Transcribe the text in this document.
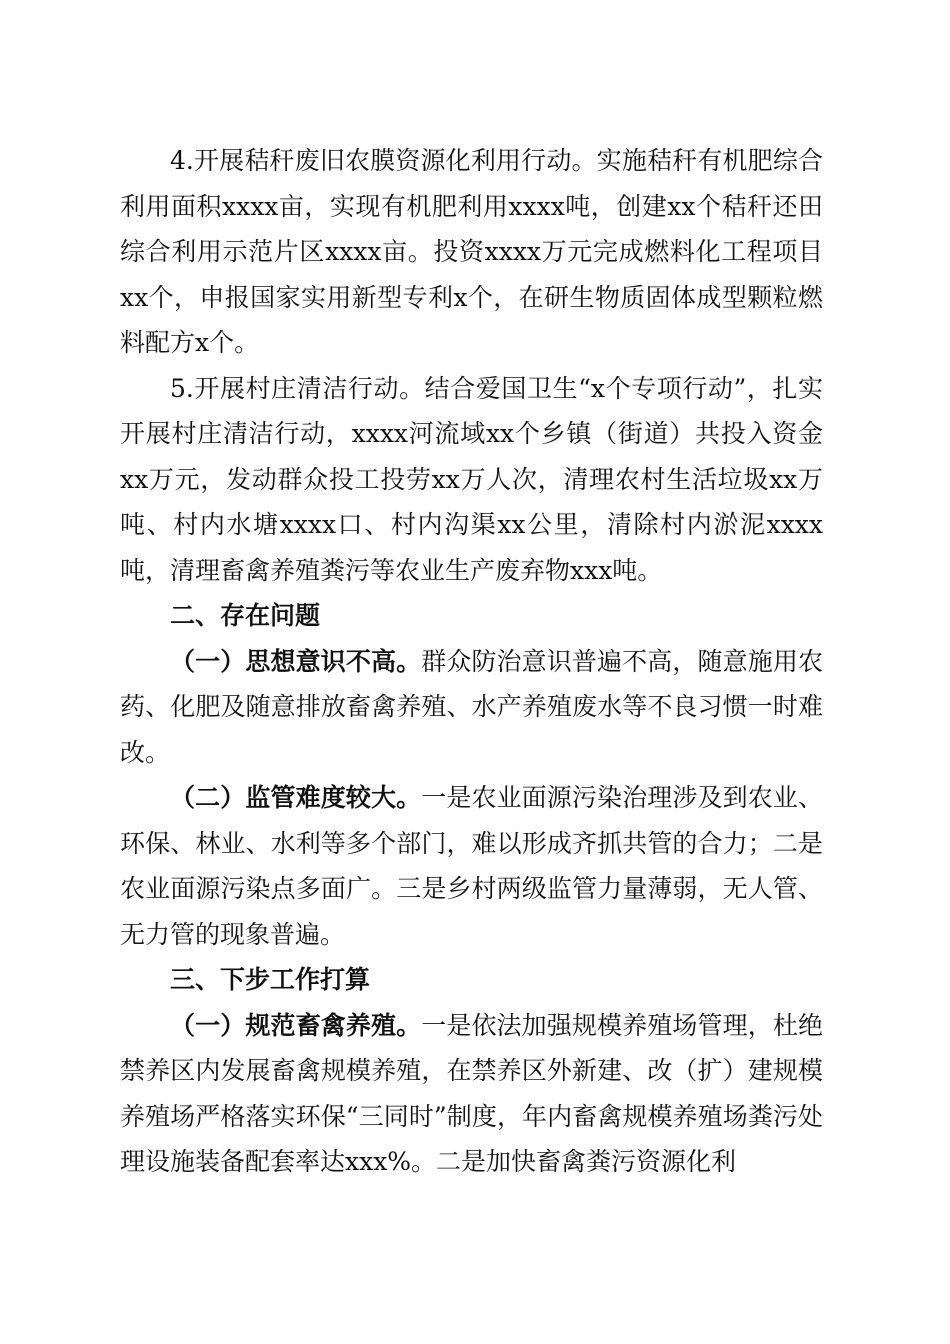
4.开展秸秆废旧农膜资源化利用行动。实施秸秆有机肥综合利用面积xxxx亩，实现有机肥利用xxxx吨，创建xx个秸秆还田综合利用示范片区xxxx亩。投资xxxx万元完成燃料化工程项目xx个，申报国家实用新型专利x个，在研生物质固体成型颗粒燃料配方x个。

5.开展村庄清洁行动。结合爱国卫生“x个专项行动”，扎实开展村庄清洁行动，xxxx河流域xx个乡镇（街道）共投入资金xx万元，发动群众投工投劳xx万人次，清理农村生活垃圾xx万吨、村内水塘xxxx口、村内沟渠xx公里，清除村内淤泥xxxx吨，清理畜禽养殖粪污等农业生产废弃物xxx吨。

二、存在问题

（一）思想意识不高。群众防治意识普遍不高，随意施用农药、化肥及随意排放畜禽养殖、水产养殖废水等不良习惯一时难改。

（二）监管难度较大。一是农业面源污染治理涉及到农业、环保、林业、水利等多个部门，难以形成齐抓共管的合力；二是农业面源污染点多面广。三是乡村两级监管力量薄弱，无人管、无力管的现象普遍。

三、下步工作打算

（一）规范畜禽养殖。一是依法加强规模养殖场管理，杜绝禁养区内发展畜禽规模养殖，在禁养区外新建、改（扩）建规模养殖场严格落实环保“三同时”制度，年内畜禽规模养殖场粪污处理设施装备配套率达xxx%。二是加快畜禽粪污资源化利
